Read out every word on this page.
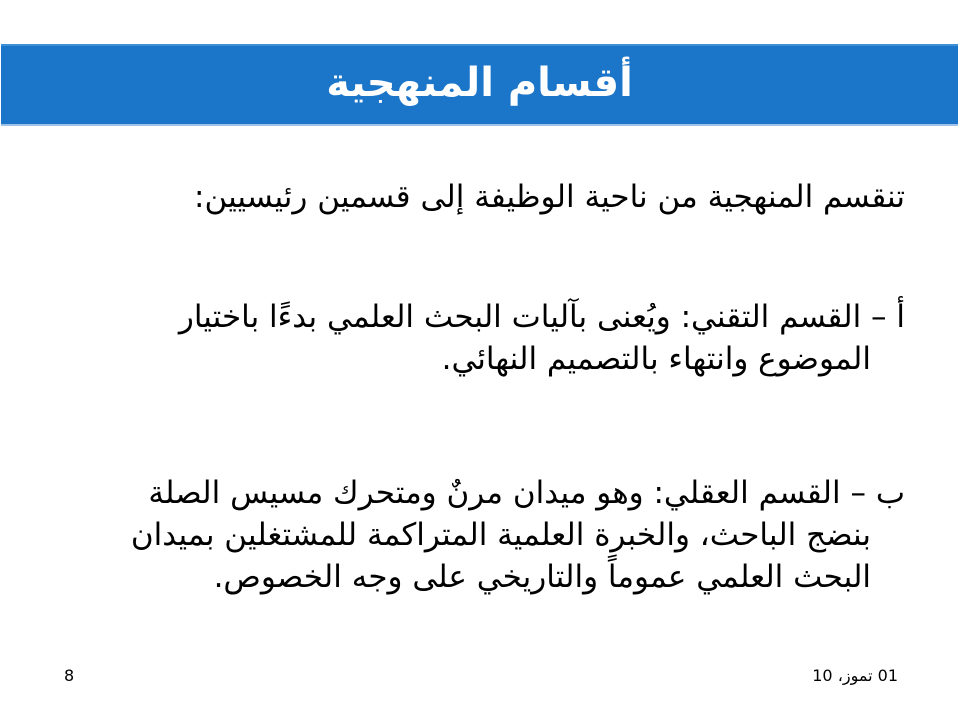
أقسام المنهجية
تنقسم المنهجية من ناحية الوظيفة إلى قسمين رئيسيين:
أ – القسم التقني: ويُعنى بآليات البحث العلمي بدءًا باختيار
الموضوع وانتهاء بالتصميم النهائي.
ب – القسم العقلي: وهو ميدان مرنٌ ومتحرك مسيس الصلة
بنضج الباحث، والخبرة العلمية المتراكمة للمشتغلين بميدان
البحث العلمي عموماً والتاريخي على وجه الخصوص.
01 تموز، 10
8
